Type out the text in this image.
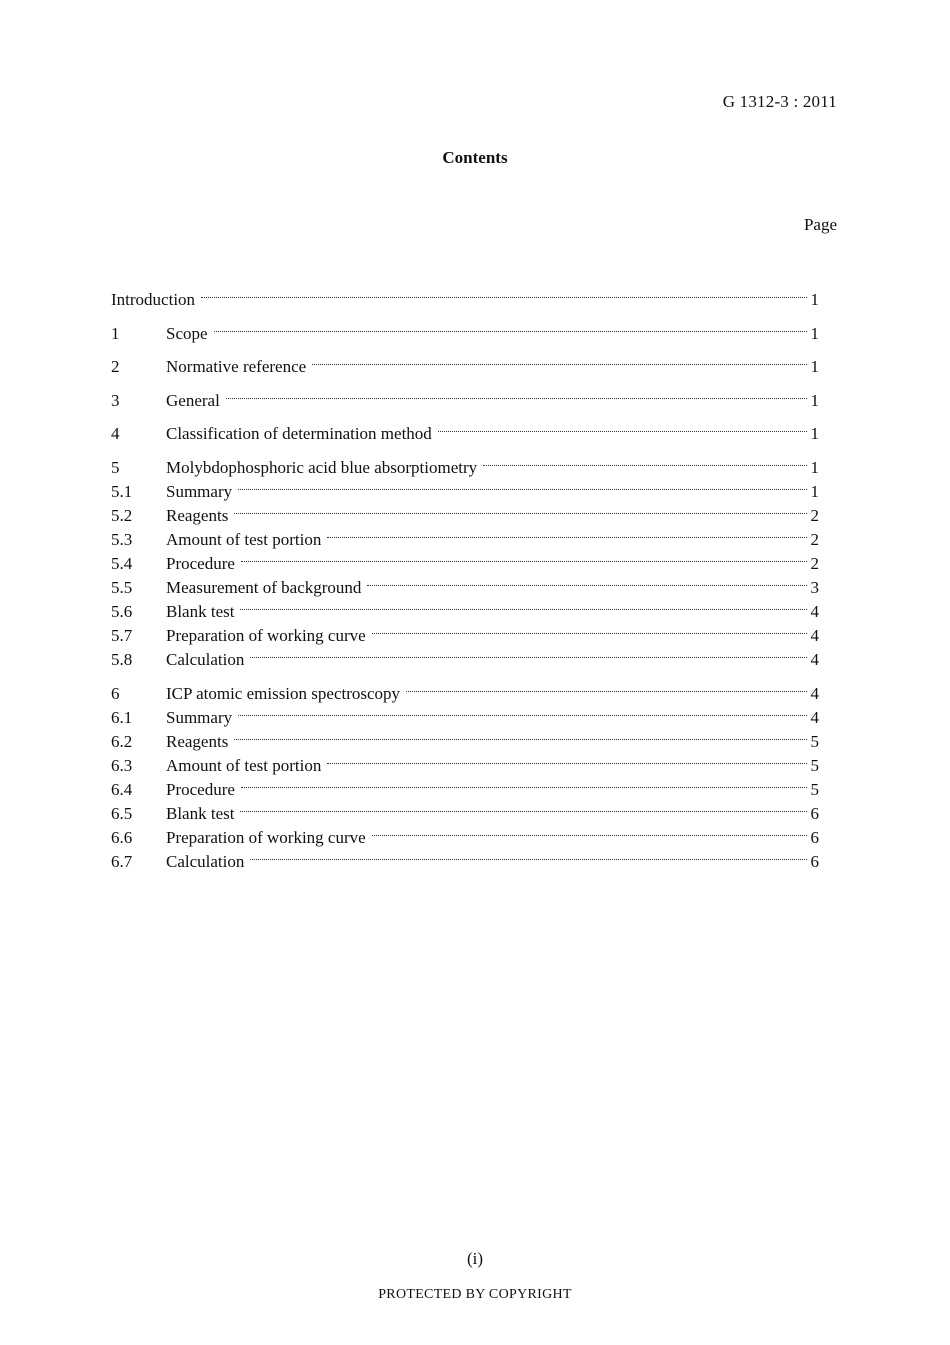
G 1312-3 : 2011
Contents
Page
Introduction	1
1	Scope	1
2	Normative reference	1
3	General	1
4	Classification of determination method	1
5	Molybdophosphoric acid blue absorptiometry	1
5.1	Summary	1
5.2	Reagents	2
5.3	Amount of test portion	2
5.4	Procedure	2
5.5	Measurement of background	3
5.6	Blank test	4
5.7	Preparation of working curve	4
5.8	Calculation	4
6	ICP atomic emission spectroscopy	4
6.1	Summary	4
6.2	Reagents	5
6.3	Amount of test portion	5
6.4	Procedure	5
6.5	Blank test	6
6.6	Preparation of working curve	6
6.7	Calculation	6
(i)
PROTECTED BY COPYRIGHT
